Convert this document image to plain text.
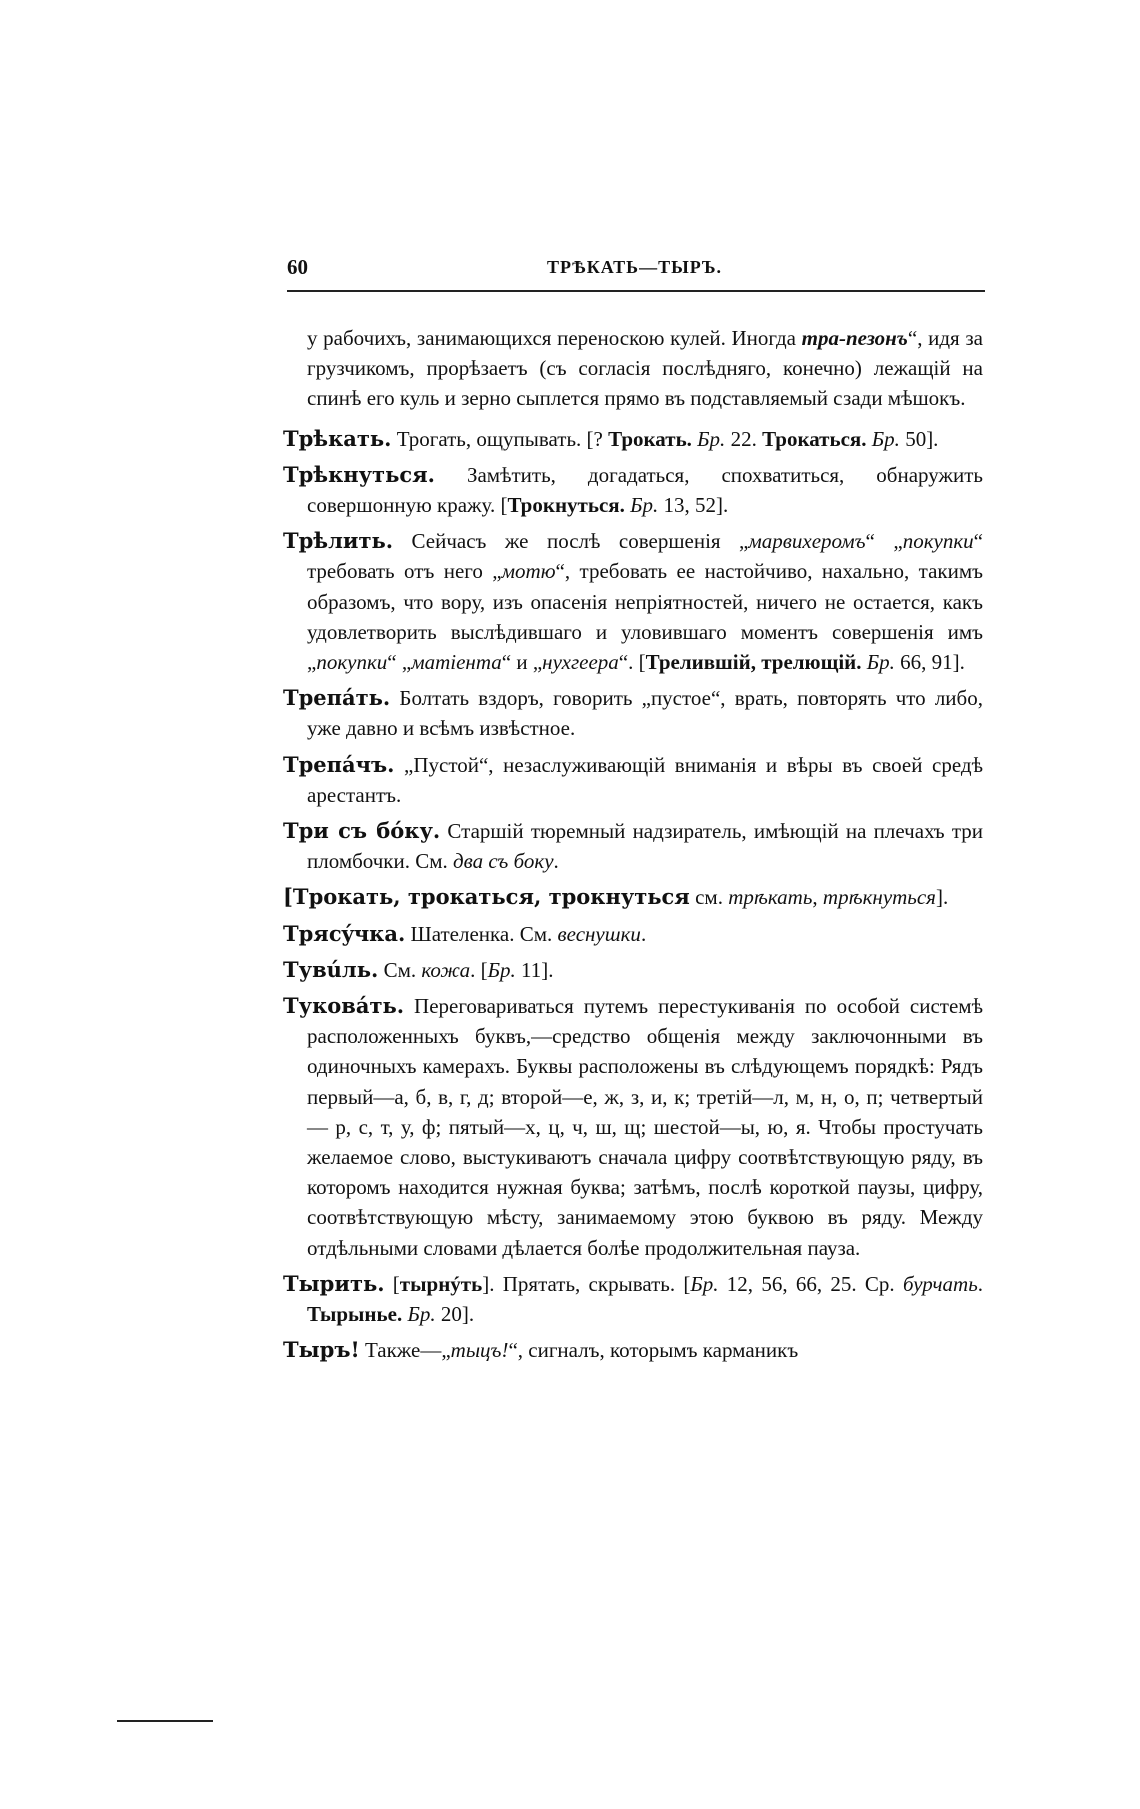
60	ТРѢКАТЬ—ТЫРЪ.

у рабочихъ, занимающихся переноскою кулей. Иногда тра-пезонъ“, идя за грузчикомъ, прорѣзаетъ (съ согласія послѣдняго, конечно) лежащій на спинѣ его куль и зерно сыплется прямо въ подставляемый сзади мѣшокъ.

Трѣкать. Трогать, ощупывать. [? Трокать. Бр. 22. Трокаться. Бр. 50].

Трѣкнуться. Замѣтить, догадаться, спохватиться, обнаружить совершонную кражу. [Трокнуться. Бр. 13, 52].

Трѣлить. Сейчасъ же послѣ совершенія „марвихеромъ“ „покупки“ требовать отъ него „мотю“, требовать ее настойчиво, нахально, такимъ образомъ, что вору, изъ опасенія непріятностей, ничего не остается, какъ удовлетворить выслѣдившаго и уловившаго моментъ совершенія имъ „покупки“ „матіента“ и „нухгеера“. [Трелившій, трелющій. Бр. 66, 91].

Трепáть. Болтать вздоръ, говорить „пустое“, врать, повторять что либо, уже давно и всѣмъ извѣстное.

Трепáчъ. „Пустой“, незаслуживающій вниманія и вѣры въ своей средѣ арестантъ.

Три съ бóку. Старшій тюремный надзиратель, имѣющій на плечахъ три пломбочки. См. два съ боку.

[Трокать, трокаться, трокнуться см. трѣкать, трѣкнуться].

Трясýчка. Шателенка. См. веснушки.

Тувúль. См. кожа. [Бр. 11].

Туковáть. Переговариваться путемъ перестукиванія по особой системѣ расположенныхъ буквъ,—средство общенія между заключонными въ одиночныхъ камерахъ. Буквы расположены въ слѣдующемъ порядкѣ: Рядъ первый—а, б, в, г, д; второй—е, ж, з, и, к; третій—л, м, н, о, п; четвертый — р, с, т, у, ф; пятый—х, ц, ч, ш, щ; шестой—ы, ю, я. Чтобы простучать желаемое слово, выстукиваютъ сначала цифру соотвѣтствующую ряду, въ которомъ находится нужная буква; затѣмъ, послѣ короткой паузы, цифру, соотвѣтствующую мѣсту, занимаемому этою буквою въ ряду. Между отдѣльными словами дѣлается болѣе продолжительная пауза.

Тырить. [тырнýть]. Прятать, скрывать. [Бр. 12, 56, 66, 25. Ср. бурчать. Тырынье. Бр. 20].

Тыръ! Также—„тыцъ!“, сигналъ, которымъ карманикъ
